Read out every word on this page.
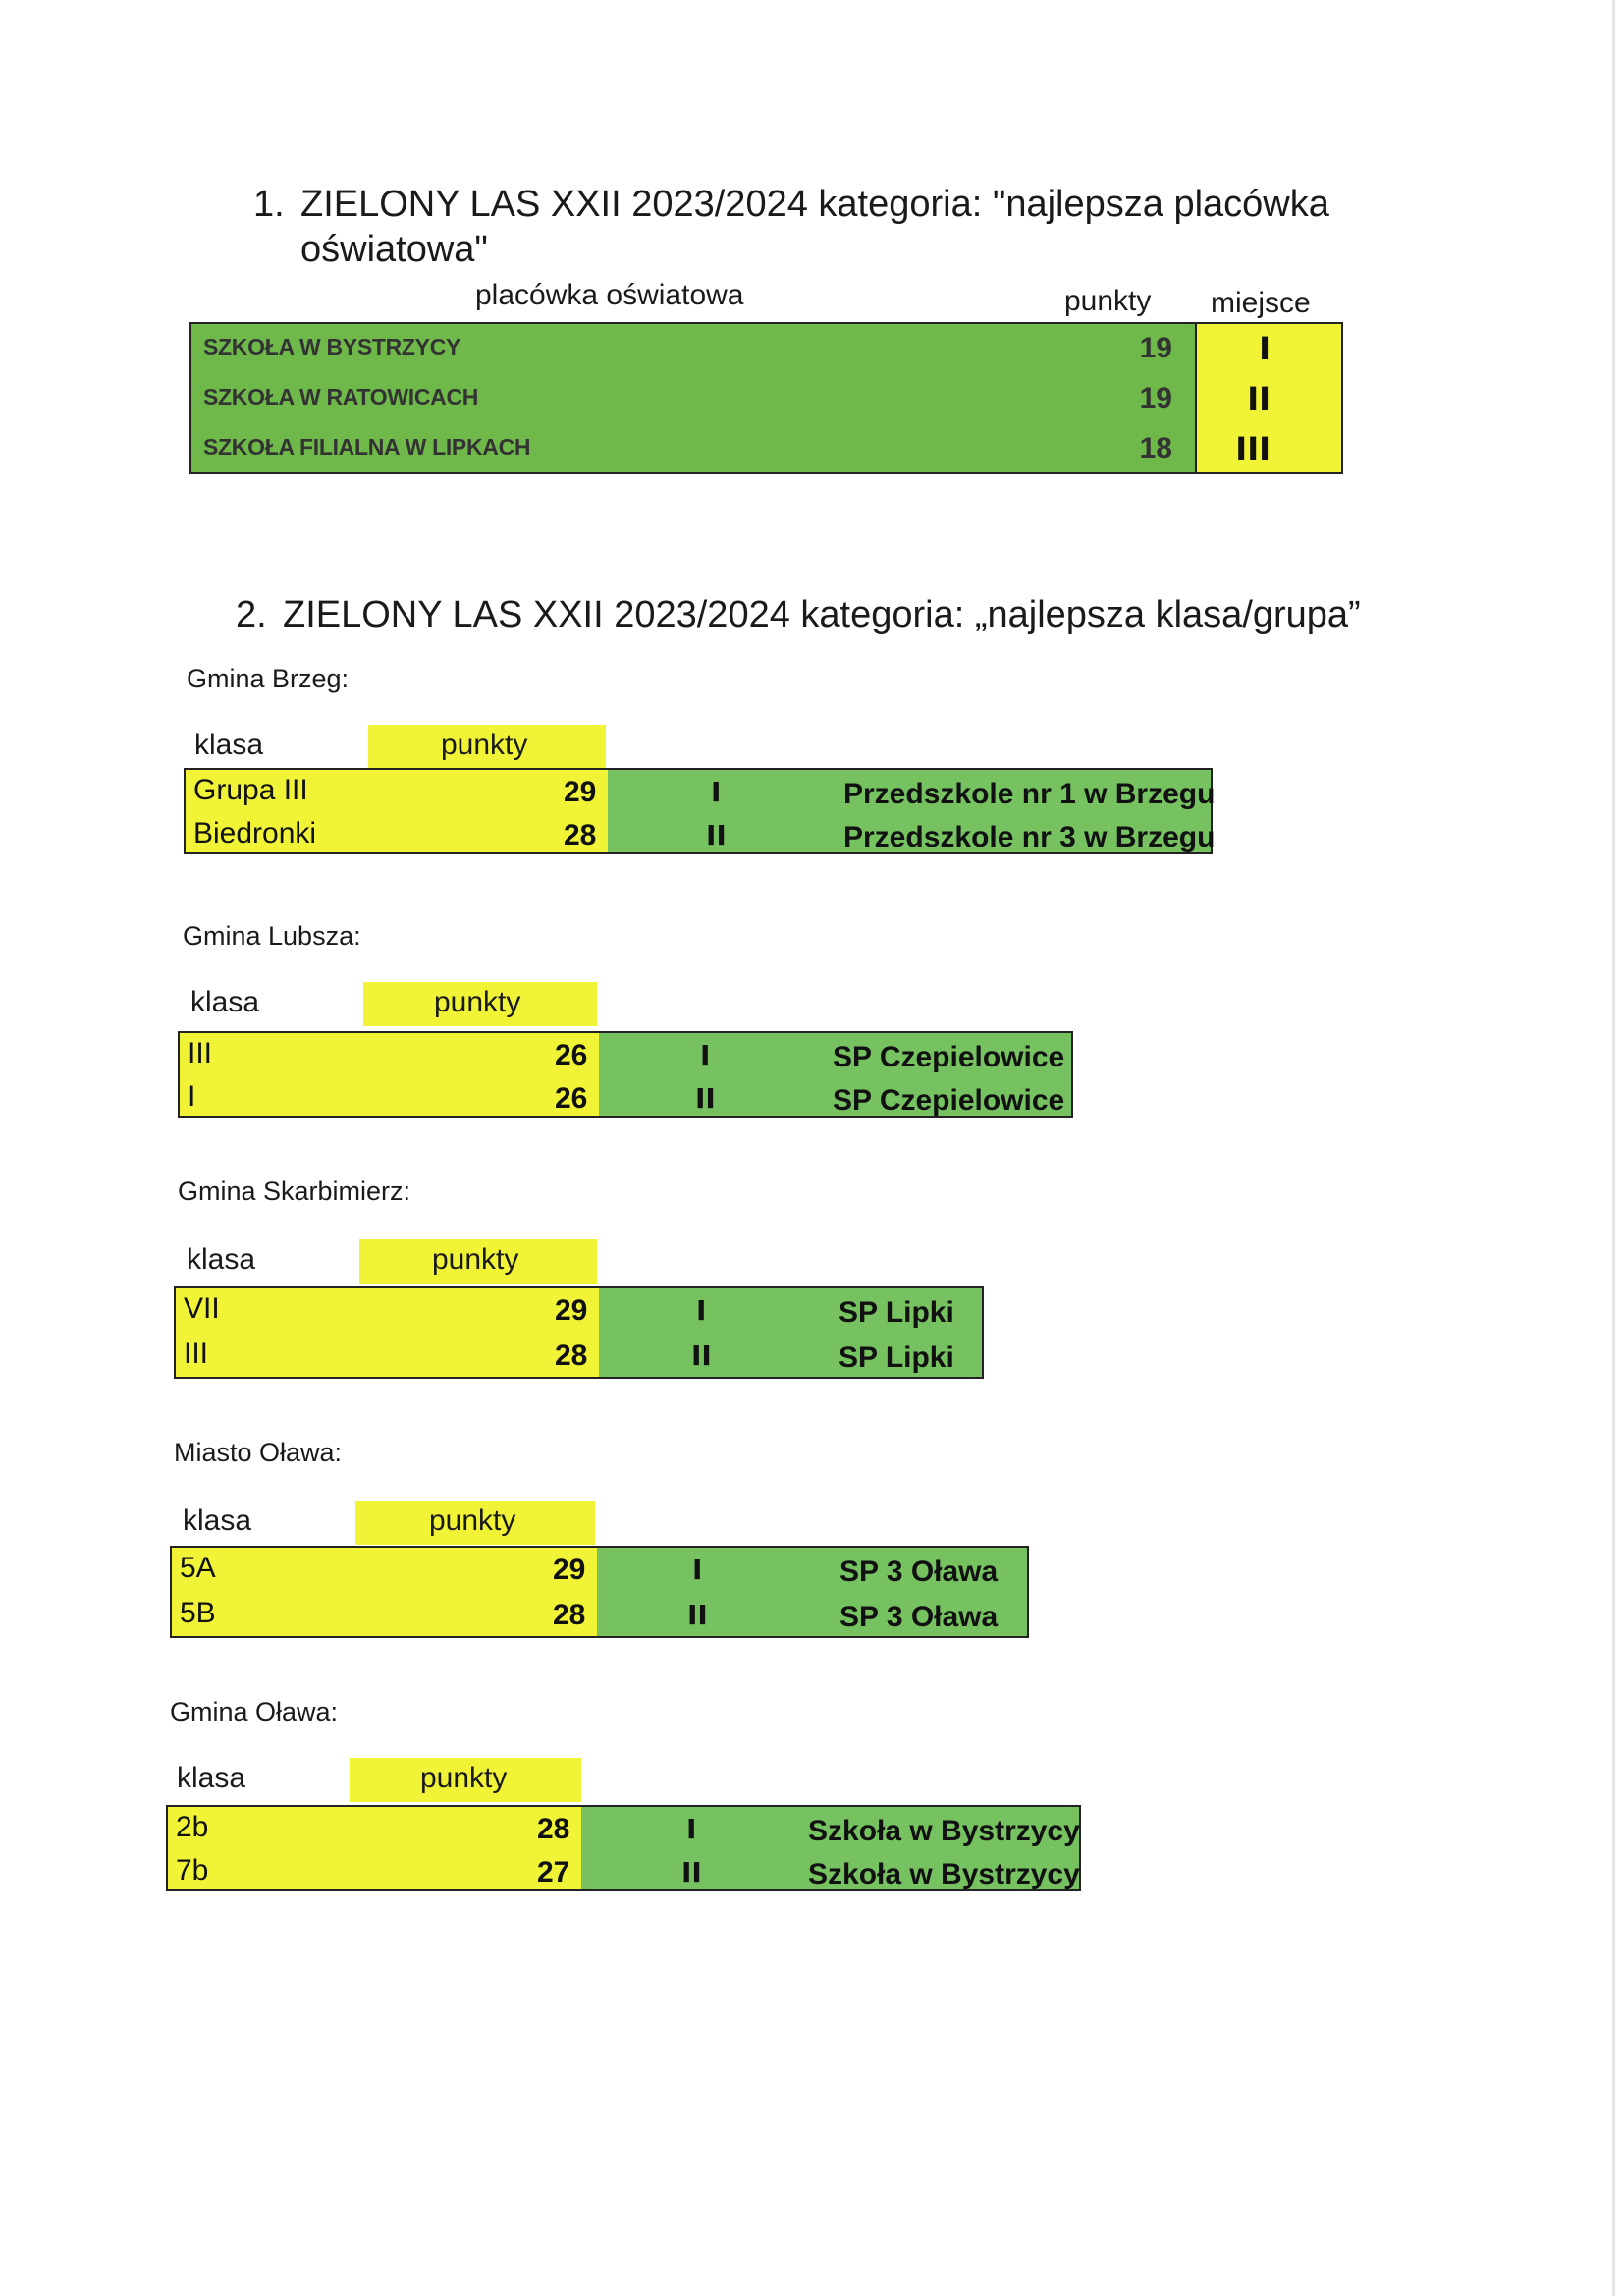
1. ZIELONY LAS XXII 2023/2024 kategoria: "najlepsza placówka
oświatowa"
placówka oświatowa	punkty miejsce
SZKOŁA W BYSTRZYCY	19	I
SZKOŁA W RATOWICACH	19 II
SZKOŁA FILIALNA W LIPKACH	18 III
2. ZIELONY LAS XXII 2023/2024 kategoria: „najlepsza klasa/grupa”
Gmina Brzeg:
klasa	punkty
Grupa III	29	I	Przedszkole nr 1 w Brzegu
Biedronki	28	II	Przedszkole nr 3 w Brzegu
Gmina Lubsza:
klasa	punkty
III	26	I	SP Czepielowice
I	26	II	SP Czepielowice
Gmina Skarbimierz:
klasa	punkty
VII	29	I	SP Lipki
III	28	II	SP Lipki
Miasto Oława:
klasa	punkty
5A	29	I	SP 3 Oława
5B	28	II	SP 3 Oława
Gmina Oława:
klasa	punkty
2b	28	I	Szkoła w Bystrzycy
7b	27	II	Szkoła w Bystrzycy
